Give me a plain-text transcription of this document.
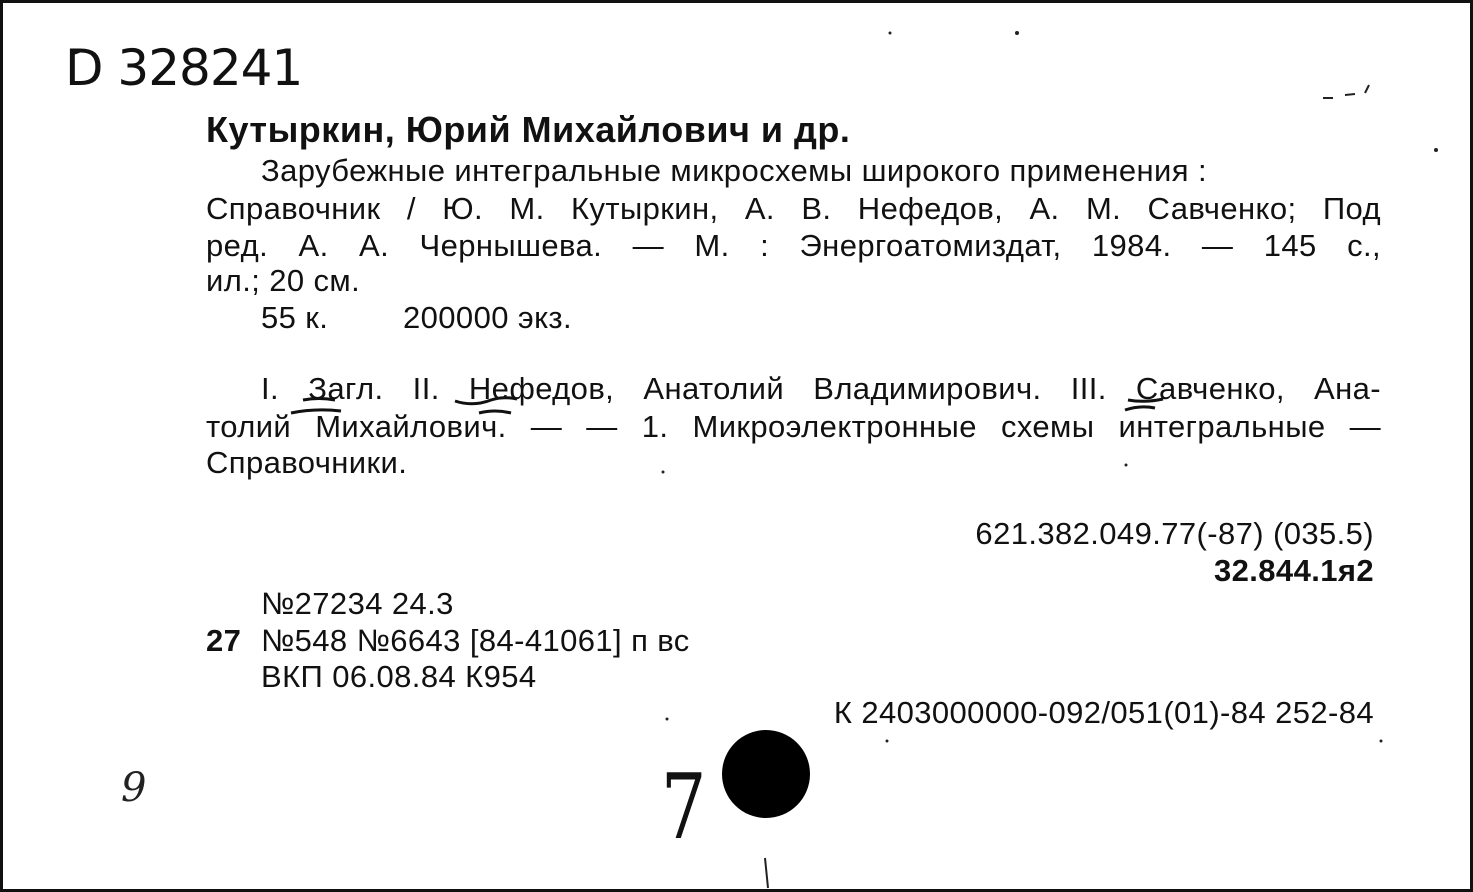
D 328241
Кутыркин, Юрий Михайлович и др.
Зарубежные интегральные микросхемы широкого применения :
Справочник / Ю. М. Кутыркин, А. В. Нефедов, А. М. Савченко; Под
ред. А. А. Чернышева. — М. : Энергоатомиздат, 1984. — 145 с.,
ил.; 20 см.
55 к. 200000 экз.
I. Загл. II. Нефедов, Анатолий Владимирович. III. Савченко, Ана-
толий Михайлович. — — 1. Микроэлектронные схемы интегральные —
Справочники.
621.382.049.77(-87) (035.5)
32.844.1я2
№27234 24.3
27 №548 №6643 [84-41061] п вс
ВКП 06.08.84 К954
К 2403000000-092/051(01)-84 252-84
9	7
